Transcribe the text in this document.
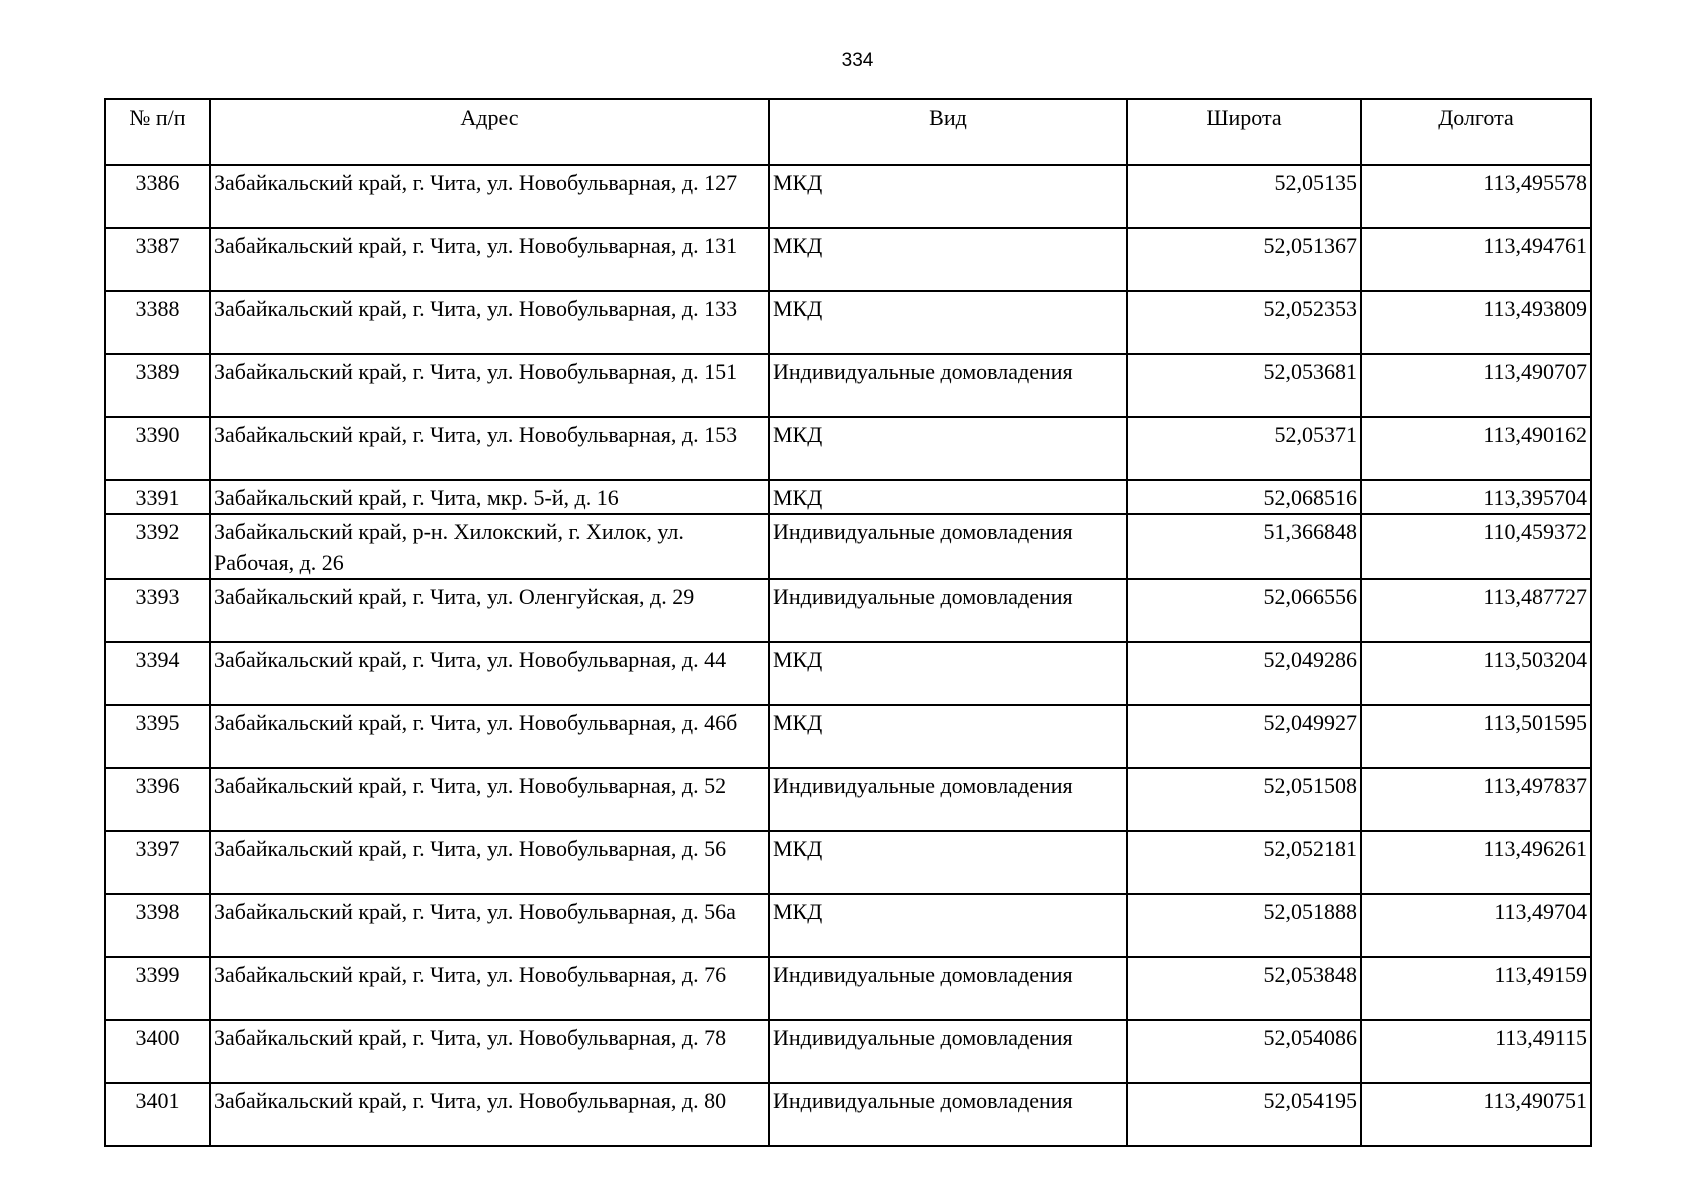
334
№ п/п	Адрес	Вид	Широта	Долгота
3386	Забайкальский край, г. Чита, ул. Новобульварная, д. 127	МКД	52,05135	113,495578
3387	Забайкальский край, г. Чита, ул. Новобульварная, д. 131	МКД	52,051367	113,494761
3388	Забайкальский край, г. Чита, ул. Новобульварная, д. 133	МКД	52,052353	113,493809
3389	Забайкальский край, г. Чита, ул. Новобульварная, д. 151	Индивидуальные домовладения	52,053681	113,490707
3390	Забайкальский край, г. Чита, ул. Новобульварная, д. 153	МКД	52,05371	113,490162
3391	Забайкальский край, г. Чита, мкр. 5-й, д. 16	МКД	52,068516	113,395704
3392	Забайкальский край, р-н. Хилокский, г. Хилок, ул. Рабочая, д. 26	Индивидуальные домовладения	51,366848	110,459372
3393	Забайкальский край, г. Чита, ул. Оленгуйская, д. 29	Индивидуальные домовладения	52,066556	113,487727
3394	Забайкальский край, г. Чита, ул. Новобульварная, д. 44	МКД	52,049286	113,503204
3395	Забайкальский край, г. Чита, ул. Новобульварная, д. 46б	МКД	52,049927	113,501595
3396	Забайкальский край, г. Чита, ул. Новобульварная, д. 52	Индивидуальные домовладения	52,051508	113,497837
3397	Забайкальский край, г. Чита, ул. Новобульварная, д. 56	МКД	52,052181	113,496261
3398	Забайкальский край, г. Чита, ул. Новобульварная, д. 56а	МКД	52,051888	113,49704
3399	Забайкальский край, г. Чита, ул. Новобульварная, д. 76	Индивидуальные домовладения	52,053848	113,49159
3400	Забайкальский край, г. Чита, ул. Новобульварная, д. 78	Индивидуальные домовладения	52,054086	113,49115
3401	Забайкальский край, г. Чита, ул. Новобульварная, д. 80	Индивидуальные домовладения	52,054195	113,490751
